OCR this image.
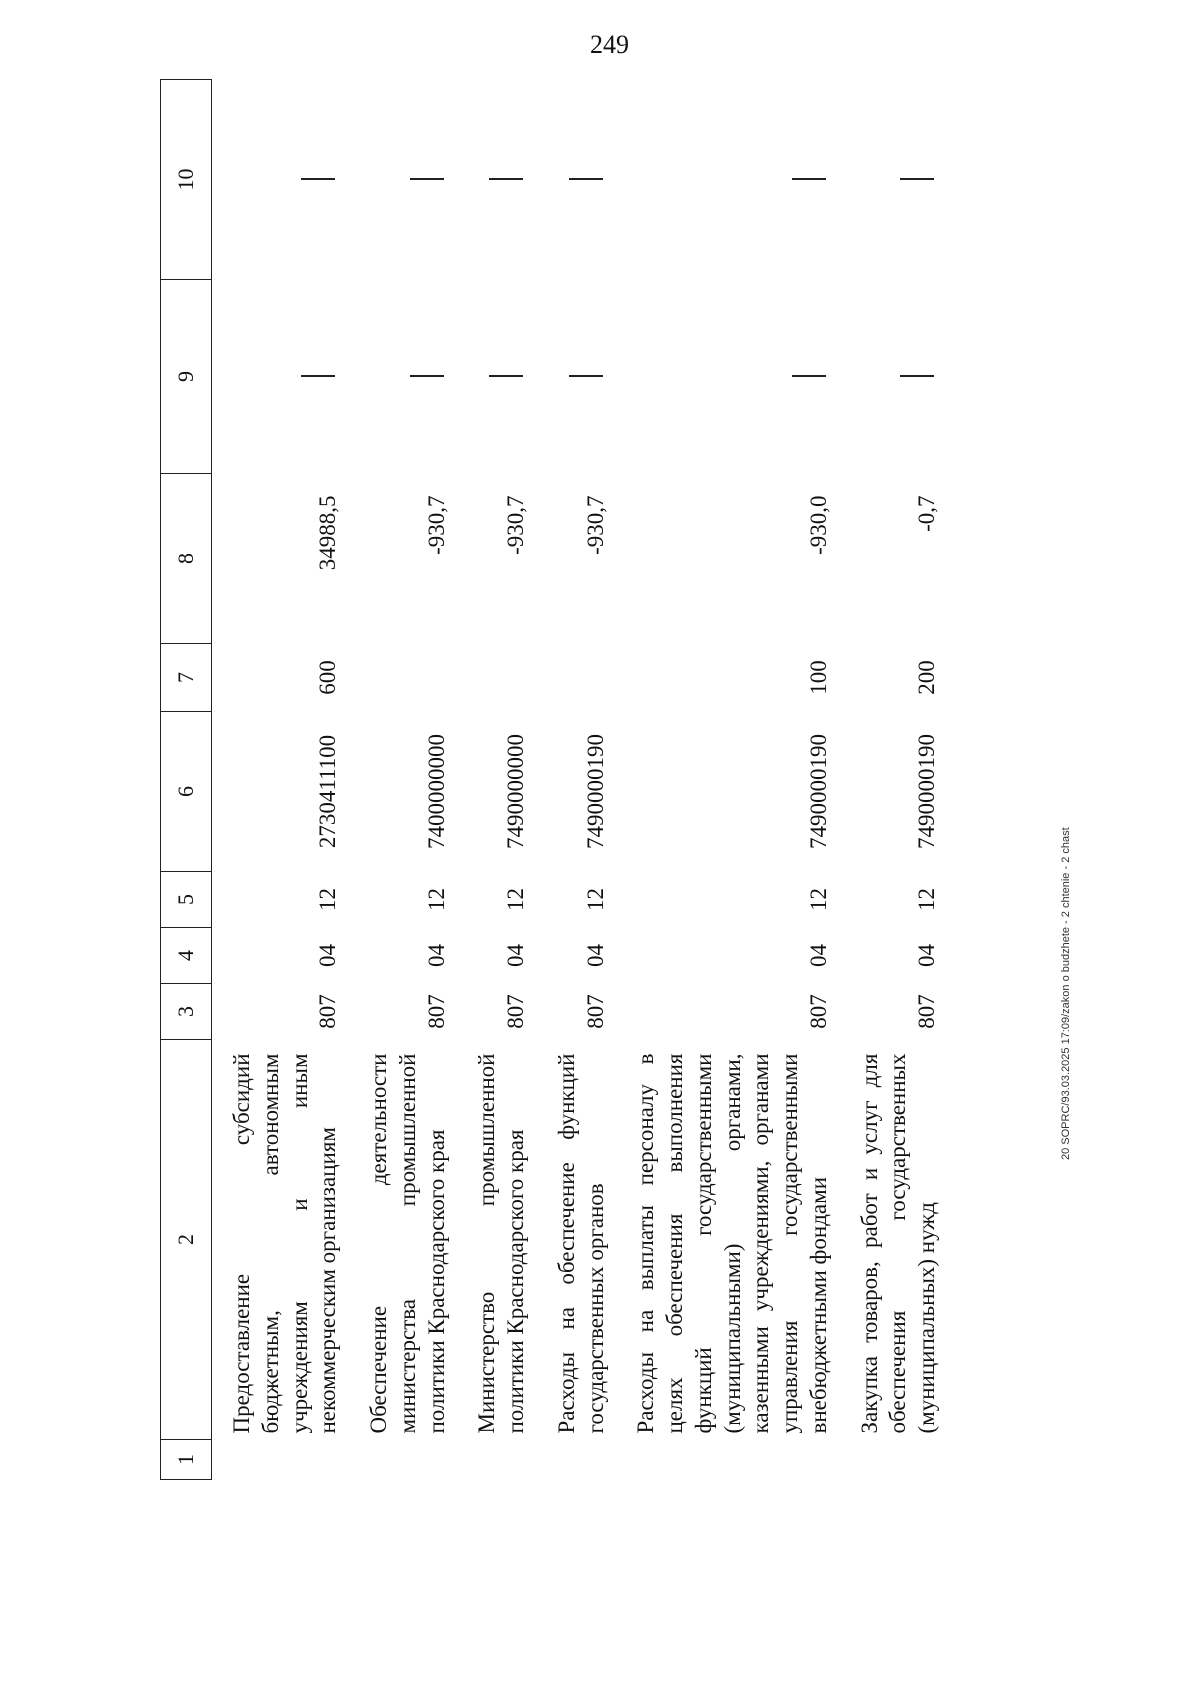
249
1	2	3	4	5	6	7	8	9	10
	Предоставление субсидий бюджетным, автономным учреждениям и иным некоммерческим организациям	807	04	12	2730411100	600	34988,5		
	Обеспечение деятельности министерства промышленной политики Краснодарского края	807	04	12	7400000000		-930,7		
	Министерство промышленной политики Краснодарского края	807	04	12	7490000000		-930,7		
	Расходы на обеспечение функций государственных органов	807	04	12	7490000190		-930,7		
	Расходы на выплаты персоналу в целях обеспечения выполнения функций государственными (муниципальными) органами, казенными учреждениями, органами управления государственными внебюджетными фондами	807	04	12	7490000190	100	-930,0		
	Закупка товаров, работ и услуг для обеспечения государственных (муниципальных) нужд	807	04	12	7490000190	200	-0,7		
20 SOPRC/93.03.2025 17:09/zakon o budzhete - 2 chtenie - 2 chast
